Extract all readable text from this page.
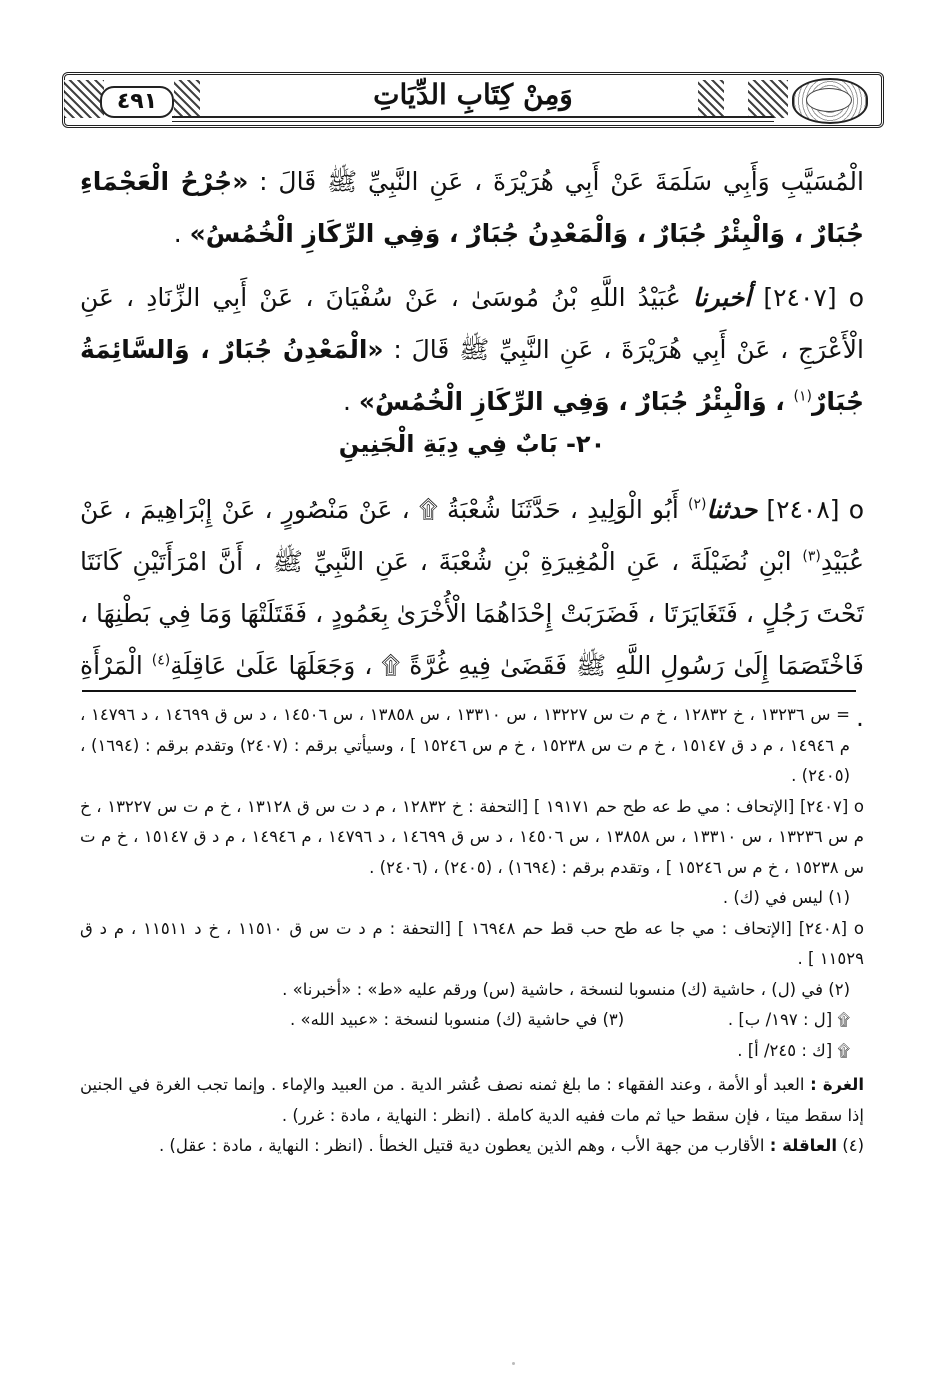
وَمِنْ كِتَابِ الدِّيَاتِ
٤٩١

الْمُسَيَّبِ وَأَبِي سَلَمَةَ عَنْ أَبِي هُرَيْرَةَ ، عَنِ النَّبِيِّ ﷺ قَالَ : «جُرْحُ الْعَجْمَاءِ جُبَارٌ ، وَالْبِئْرُ جُبَارٌ ، وَالْمَعْدِنُ جُبَارٌ ، وَفِي الرِّكَازِ الْخُمُسُ» .

ο [٢٤٠٧] أخبرنا عُبَيْدُ اللَّهِ بْنُ مُوسَىٰ ، عَنْ سُفْيَانَ ، عَنْ أَبِي الزِّنَادِ ، عَنِ الْأَعْرَجِ ، عَنْ أَبِي هُرَيْرَةَ ، عَنِ النَّبِيِّ ﷺ قَالَ : «الْمَعْدِنُ جُبَارٌ ، وَالسَّائِمَةُ جُبَارٌ$^{(١)}$ ، وَالْبِئْرُ جُبَارٌ ، وَفِي الرِّكَازِ الْخُمُسُ» .

٢٠- بَابٌ فِي دِيَةِ الْجَنِينِ

ο [٢٤٠٨] حدثنا$^{(٢)}$ أَبُو الْوَلِيدِ ، حَدَّثَنَا شُعْبَةُ ۩ ، عَنْ مَنْصُورٍ ، عَنْ إِبْرَاهِيمَ ، عَنْ عُبَيْدِ$^{(٣)}$ ابْنِ نُضَيْلَةَ ، عَنِ الْمُغِيرَةِ بْنِ شُعْبَةَ ، عَنِ النَّبِيِّ ﷺ ، أَنَّ امْرَأَتَيْنِ كَانَتَا تَحْتَ رَجُلٍ ، فَتَغَايَرَتَا ، فَضَرَبَتْ إِحْدَاهُمَا الْأُخْرَىٰ بِعَمُودٍ ، فَقَتَلَتْهَا وَمَا فِي بَطْنِهَا ، فَاخْتَصَمَا إِلَىٰ رَسُولِ اللَّهِ ﷺ فَقَضَىٰ فِيهِ غُرَّةً ۩ ، وَجَعَلَهَا عَلَىٰ عَاقِلَةِ$^{(٤)}$ الْمَرْأَةِ .

= س ١٣٢٣٦ ، خ ١٢٨٣٢ ، خ م ت س ١٣٢٢٧ ، س ١٣٣١٠ ، س ١٣٨٥٨ ، س ١٤٥٠٦ ، د س ق ١٤٦٩٩ ، د ١٤٧٩٦ ، م ١٤٩٤٦ ، م د ق ١٥١٤٧ ، خ م ت س ١٥٢٣٨ ، خ م س ١٥٢٤٦ ] ، وسيأتي برقم : (٢٤٠٧) وتقدم برقم : (١٦٩٤) ، (٢٤٠٥) .

ο [٢٤٠٧] [الإتحاف : مي ط عه طح حم ١٩١٧١ ] [التحفة : خ ١٢٨٣٢ ، م د ت س ق ١٣١٢٨ ، خ م ت س ١٣٢٢٧ ، خ م س ١٣٢٣٦ ، س ١٣٣١٠ ، س ١٣٨٥٨ ، س ١٤٥٠٦ ، د س ق ١٤٦٩٩ ، د ١٤٧٩٦ ، م ١٤٩٤٦ ، م د ق ١٥١٤٧ ، خ م ت س ١٥٢٣٨ ، خ م س ١٥٢٤٦ ] ، وتقدم برقم : (١٦٩٤) ، (٢٤٠٥) ، (٢٤٠٦) .

(١) ليس في (ك) .

ο [٢٤٠٨] [الإتحاف : مي جا عه طح حب قط حم ١٦٩٤٨ ] [التحفة : م د ت س ق ١١٥١٠ ، خ د ١١٥١١ ، م د ق ١١٥٢٩ ] .

(٢) في (ل) ، حاشية (ك) منسوبا لنسخة ، حاشية (س) ورقم عليه «ط» : «أخبرنا» .

۩ [ل : ١٩٧/ ب] .
(٣) في حاشية (ك) منسوبا لنسخة : «عبيد الله» .

۩ [ك : ٢٤٥/ أ] .

الغرة : العبد أو الأمة ، وعند الفقهاء : ما بلغ ثمنه نصف عُشر الدية . من العبيد والإماء . وإنما تجب الغرة في الجنين إذا سقط ميتا ، فإن سقط حيا ثم مات ففيه الدية كاملة . (انظر : النهاية ، مادة : غرر) .

(٤) العاقلة : الأقارب من جهة الأب ، وهم الذين يعطون دية قتيل الخطأ . (انظر : النهاية ، مادة : عقل) .
